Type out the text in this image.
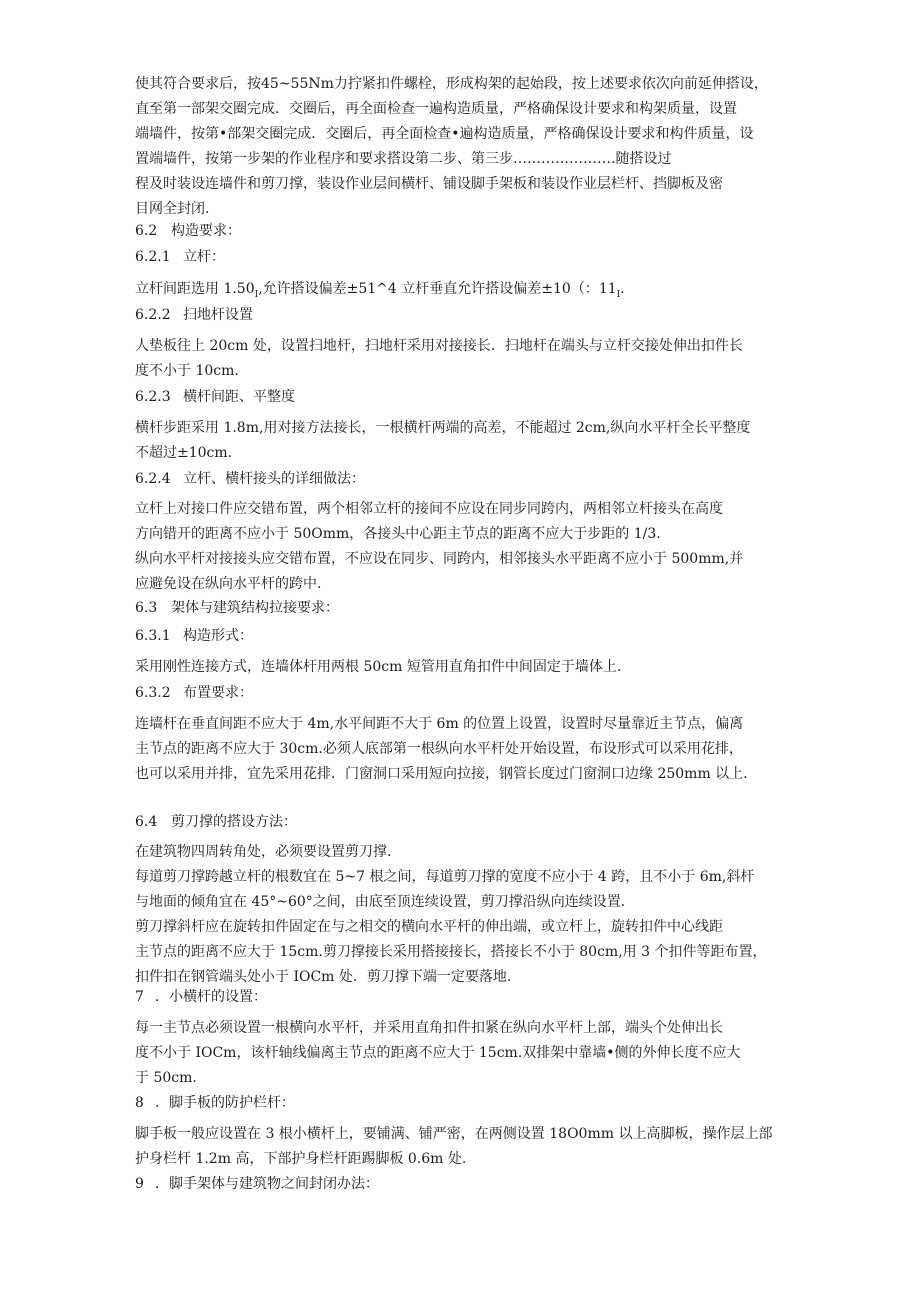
使其符合要求后，按45~55Nm力拧紧扣件螺栓，形成构架的起始段，按上述要求依次向前延伸搭设，
直至第一部架交圈完成．交圈后，再全面检查一遍构造质量，严格确保设计要求和构架质量，设置
端墙件，按第•部架交圈完成．交圈后，再全面检查•遍构造质量，严格确保设计要求和构件质量，设
置端墙件，按第一步架的作业程序和要求搭设第二步、第三步………………….随搭设过
程及时装设连墙件和剪刀撑，装设作业层间横杆、铺设脚手架板和装设作业层栏杆、挡脚板及密
目网全封闭．
6.2 构造要求：
6.2.1 立杆：
立杆间距选用 $1.50_I$,允许搭设偏差±51^4 立杆垂直允许搭设偏差±10（：$11_I$.
6.2.2 扫地杆设置
人垫板往上 20cm 处，设置扫地杆，扫地杆采用对接接长．扫地杆在端头与立杆交接处伸出扣件长
度不小于 10cm.
6.2.3 横杆间距、平整度
横杆步距采用 1.8m,用对接方法接长，一根横杆两端的高差，不能超过 2cm,纵向水平杆全长平整度
不超过±10cm.
6.2.4 立杆、横杆接头的详细做法：
立杆上对接口件应交错布置，两个相邻立杆的接间不应设在同步同跨内，两相邻立杆接头在高度
方向错开的距离不应小于 50Omm，各接头中心距主节点的距离不应大于步距的 1/3.
纵向水平杆对接接头应交错布置，不应设在同步、同跨内，相邻接头水平距离不应小于 500mm,并
应避免设在纵向水平杆的跨中.
6.3 架体与建筑结构拉接要求：
6.3.1 构造形式：
采用刚性连接方式，连墙体杆用两根 50cm 短管用直角扣件中间固定于墙体上.
6.3.2 布置要求：
连墙杆在垂直间距不应大于 4m,水平间距不大于 6m 的位置上设置，设置时尽量靠近主节点，偏离
主节点的距离不应大于 30cm.必须人底部第一根纵向水平杆处开始设置，布设形式可以采用花排，
也可以采用并排，宜先采用花排．门窗洞口采用短向拉接，钢管长度过门窗洞口边缘 250mm 以上.
6.4 剪刀撑的搭设方法：
在建筑物四周转角处，必须要设置剪刀撑.
每道剪刀撑跨越立杆的根数宜在 5~7 根之间，每道剪刀撑的宽度不应小于 4 跨，且不小于 6m,斜杆
与地面的倾角宜在 45°~60°之间，由底至顶连续设置，剪刀撑沿纵向连续设置.
剪刀撑斜杆应在旋转扣件固定在与之相交的横向水平杆的伸出端，或立杆上，旋转扣件中心线距
主节点的距离不应大于 15cm.剪刀撑接长采用搭接接长，搭接长不小于 80cm,用 3 个扣件等距布置，
扣件扣在钢管端头处小于 IOCm 处．剪刀撑下端一定要落地.
7 ．小横杆的设置：
每一主节点必须设置一根横向水平杆，并采用直角扣件扣紧在纵向水平杆上部，端头个处伸出长
度不小于 IOCm，该杆轴线偏离主节点的距离不应大于 15cm.双排架中靠墙•侧的外伸长度不应大
于 50cm.
8 ．脚手板的防护栏杆：
脚手板一般应设置在 3 根小横杆上，要铺满、铺严密，在两侧设置 18O0mm 以上高脚板，操作层上部
护身栏杆 1.2m 高，下部护身栏杆距踢脚板 0.6m 处.
9 ．脚手架体与建筑物之间封闭办法：
